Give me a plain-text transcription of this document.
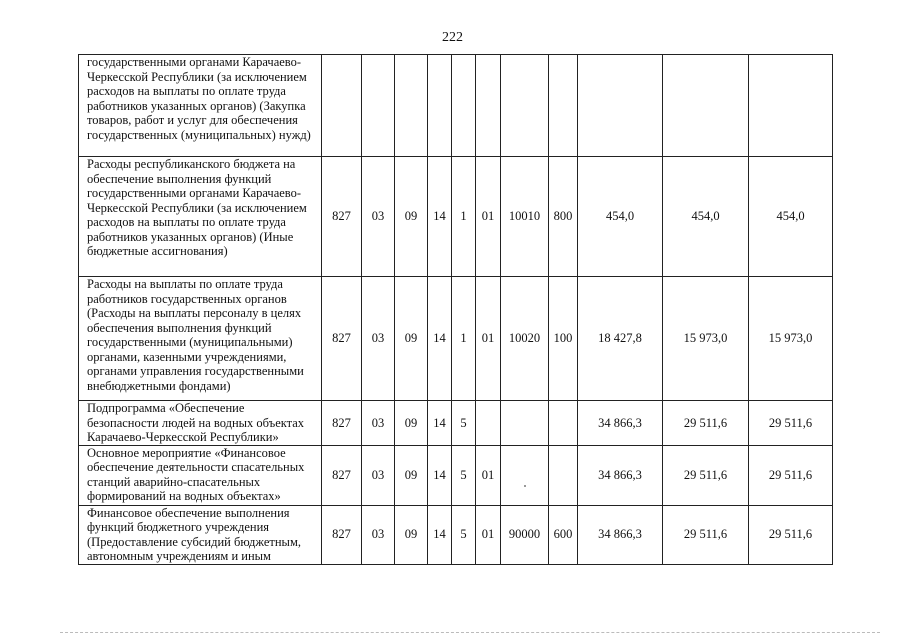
222
государственными органами Карачаево-Черкесской Республики (за исключением расходов на выплаты по оплате труда работников указанных органов) (Закупка товаров, работ и услуг для обеспечения государственных (муниципальных) нужд)											
Расходы республиканского бюджета на обеспечение выполнения функций государственными органами Карачаево-Черкесской Республики (за исключением расходов на выплаты по оплате труда работников указанных органов) (Иные бюджетные ассигнования)	827	03	09	14	1	01	10010	800	454,0	454,0	454,0
Расходы на выплаты по оплате труда работников государственных органов (Расходы на выплаты персоналу в целях обеспечения выполнения функций государственными (муниципальными) органами, казенными учреждениями, органами управления государственными внебюджетными фондами)	827	03	09	14	1	01	10020	100	18 427,8	15 973,0	15 973,0
Подпрограмма «Обеспечение безопасности людей на водных объектах Карачаево-Черкесской Республики»	827	03	09	14	5				34 866,3	29 511,6	29 511,6
Основное мероприятие «Финансовое обеспечение деятельности спасательных станций аварийно-спасательных формирований на водных объектах»	827	03	09	14	5	01			34 866,3	29 511,6	29 511,6
Финансовое обеспечение выполнения функций бюджетного учреждения (Предоставление субсидий бюджетным, автономным учреждениям и иным	827	03	09	14	5	01	90000	600	34 866,3	29 511,6	29 511,6
